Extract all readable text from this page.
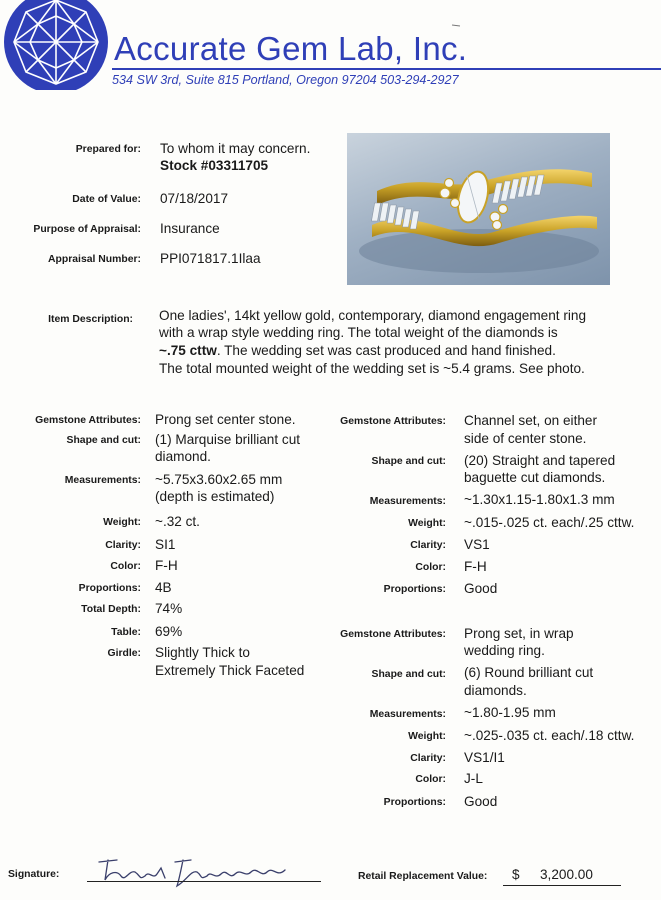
Accurate Gem Lab, Inc.
534 SW 3rd, Suite 815 Portland, Oregon 97204 503-294-2927
Prepared for: To whom it may concern.
Stock #03311705
Date of Value: 07/18/2017
Purpose of Appraisal: Insurance
Appraisal Number: PPI071817.1Ilaa
Item Description: One ladies', 14kt yellow gold, contemporary, diamond engagement ring
with a wrap style wedding ring. The total weight of the diamonds is
~.75 cttw. The wedding set was cast produced and hand finished.
The total mounted weight of the wedding set is ~5.4 grams. See photo.
Gemstone Attributes: Prong set center stone.
Shape and cut: (1) Marquise brilliant cut
diamond.
Measurements: ~5.75x3.60x2.65 mm
(depth is estimated)
Weight: ~.32 ct.
Clarity: SI1
Color: F-H
Proportions: 4B
Total Depth: 74%
Table: 69%
Girdle: Slightly Thick to
Extremely Thick Faceted
Gemstone Attributes: Channel set, on either
side of center stone.
Shape and cut: (20) Straight and tapered
baguette cut diamonds.
Measurements: ~1.30x1.15-1.80x1.3 mm
Weight: ~.015-.025 ct. each/.25 cttw.
Clarity: VS1
Color: F-H
Proportions: Good
Gemstone Attributes: Prong set, in wrap
wedding ring.
Shape and cut: (6) Round brilliant cut
diamonds.
Measurements: ~1.80-1.95 mm
Weight: ~.025-.035 ct. each/.18 cttw.
Clarity: VS1/I1
Color: J-L
Proportions: Good
Signature:
Tracey V. Teagman DGS
Retail Replacement Value: $ 3,200.00
